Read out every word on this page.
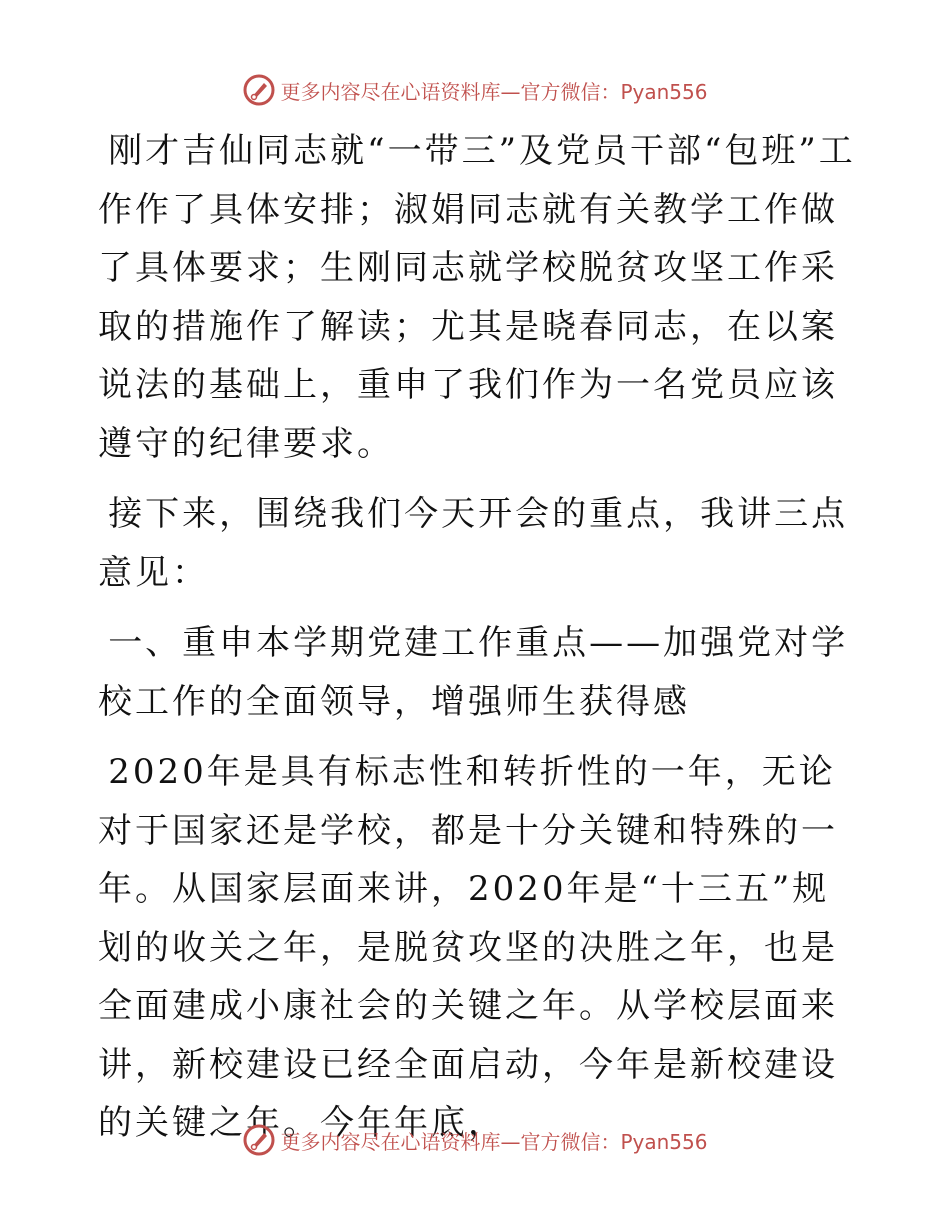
更多内容尽在心语资料库—官方微信：Pyan556

刚才吉仙同志就“一带三”及党员干部“包班”工作作了具体安排；淑娟同志就有关教学工作做了具体要求；生刚同志就学校脱贫攻坚工作采取的措施作了解读；尤其是晓春同志，在以案说法的基础上，重申了我们作为一名党员应该遵守的纪律要求。

接下来，围绕我们今天开会的重点，我讲三点意见：

一、重申本学期党建工作重点——加强党对学校工作的全面领导，增强师生获得感

2020年是具有标志性和转折性的一年，无论对于国家还是学校，都是十分关键和特殊的一年。从国家层面来讲，2020年是“十三五”规划的收关之年，是脱贫攻坚的决胜之年，也是全面建成小康社会的关键之年。从学校层面来讲，新校建设已经全面启动，今年是新校建设的关键之年。今年年底，

更多内容尽在心语资料库—官方微信：Pyan556
